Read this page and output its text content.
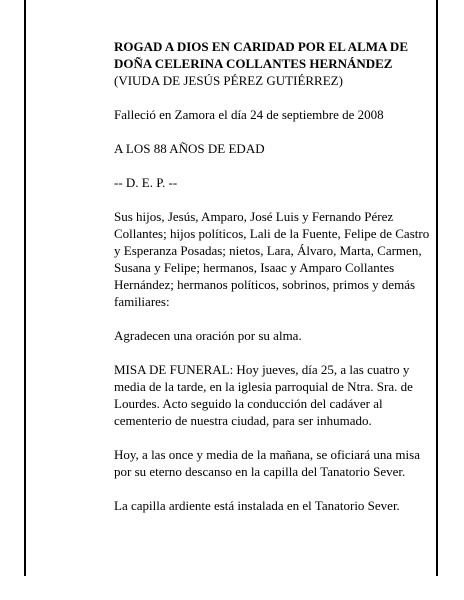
ROGAD A DIOS EN CARIDAD POR EL ALMA DE
DOÑA CELERINA COLLANTES HERNÁNDEZ
(VIUDA DE JESÚS PÉREZ GUTIÉRREZ)

Falleció en Zamora el día 24 de septiembre de 2008

A LOS 88 AÑOS DE EDAD

-- D. E. P. --

Sus hijos, Jesús, Amparo, José Luis y Fernando Pérez Collantes; hijos políticos, Lali de la Fuente, Felipe de Castro y Esperanza Posadas; nietos, Lara, Álvaro, Marta, Carmen, Susana y Felipe; hermanos, Isaac y Amparo Collantes Hernández; hermanos políticos, sobrinos, primos y demás familiares:

Agradecen una oración por su alma.

MISA DE FUNERAL: Hoy jueves, día 25, a las cuatro y media de la tarde, en la iglesia parroquial de Ntra. Sra. de Lourdes. Acto seguido la conducción del cadáver al cementerio de nuestra ciudad, para ser inhumado.

Hoy, a las once y media de la mañana, se oficiará una misa por su eterno descanso en la capilla del Tanatorio Sever.

La capilla ardiente está instalada en el Tanatorio Sever.
